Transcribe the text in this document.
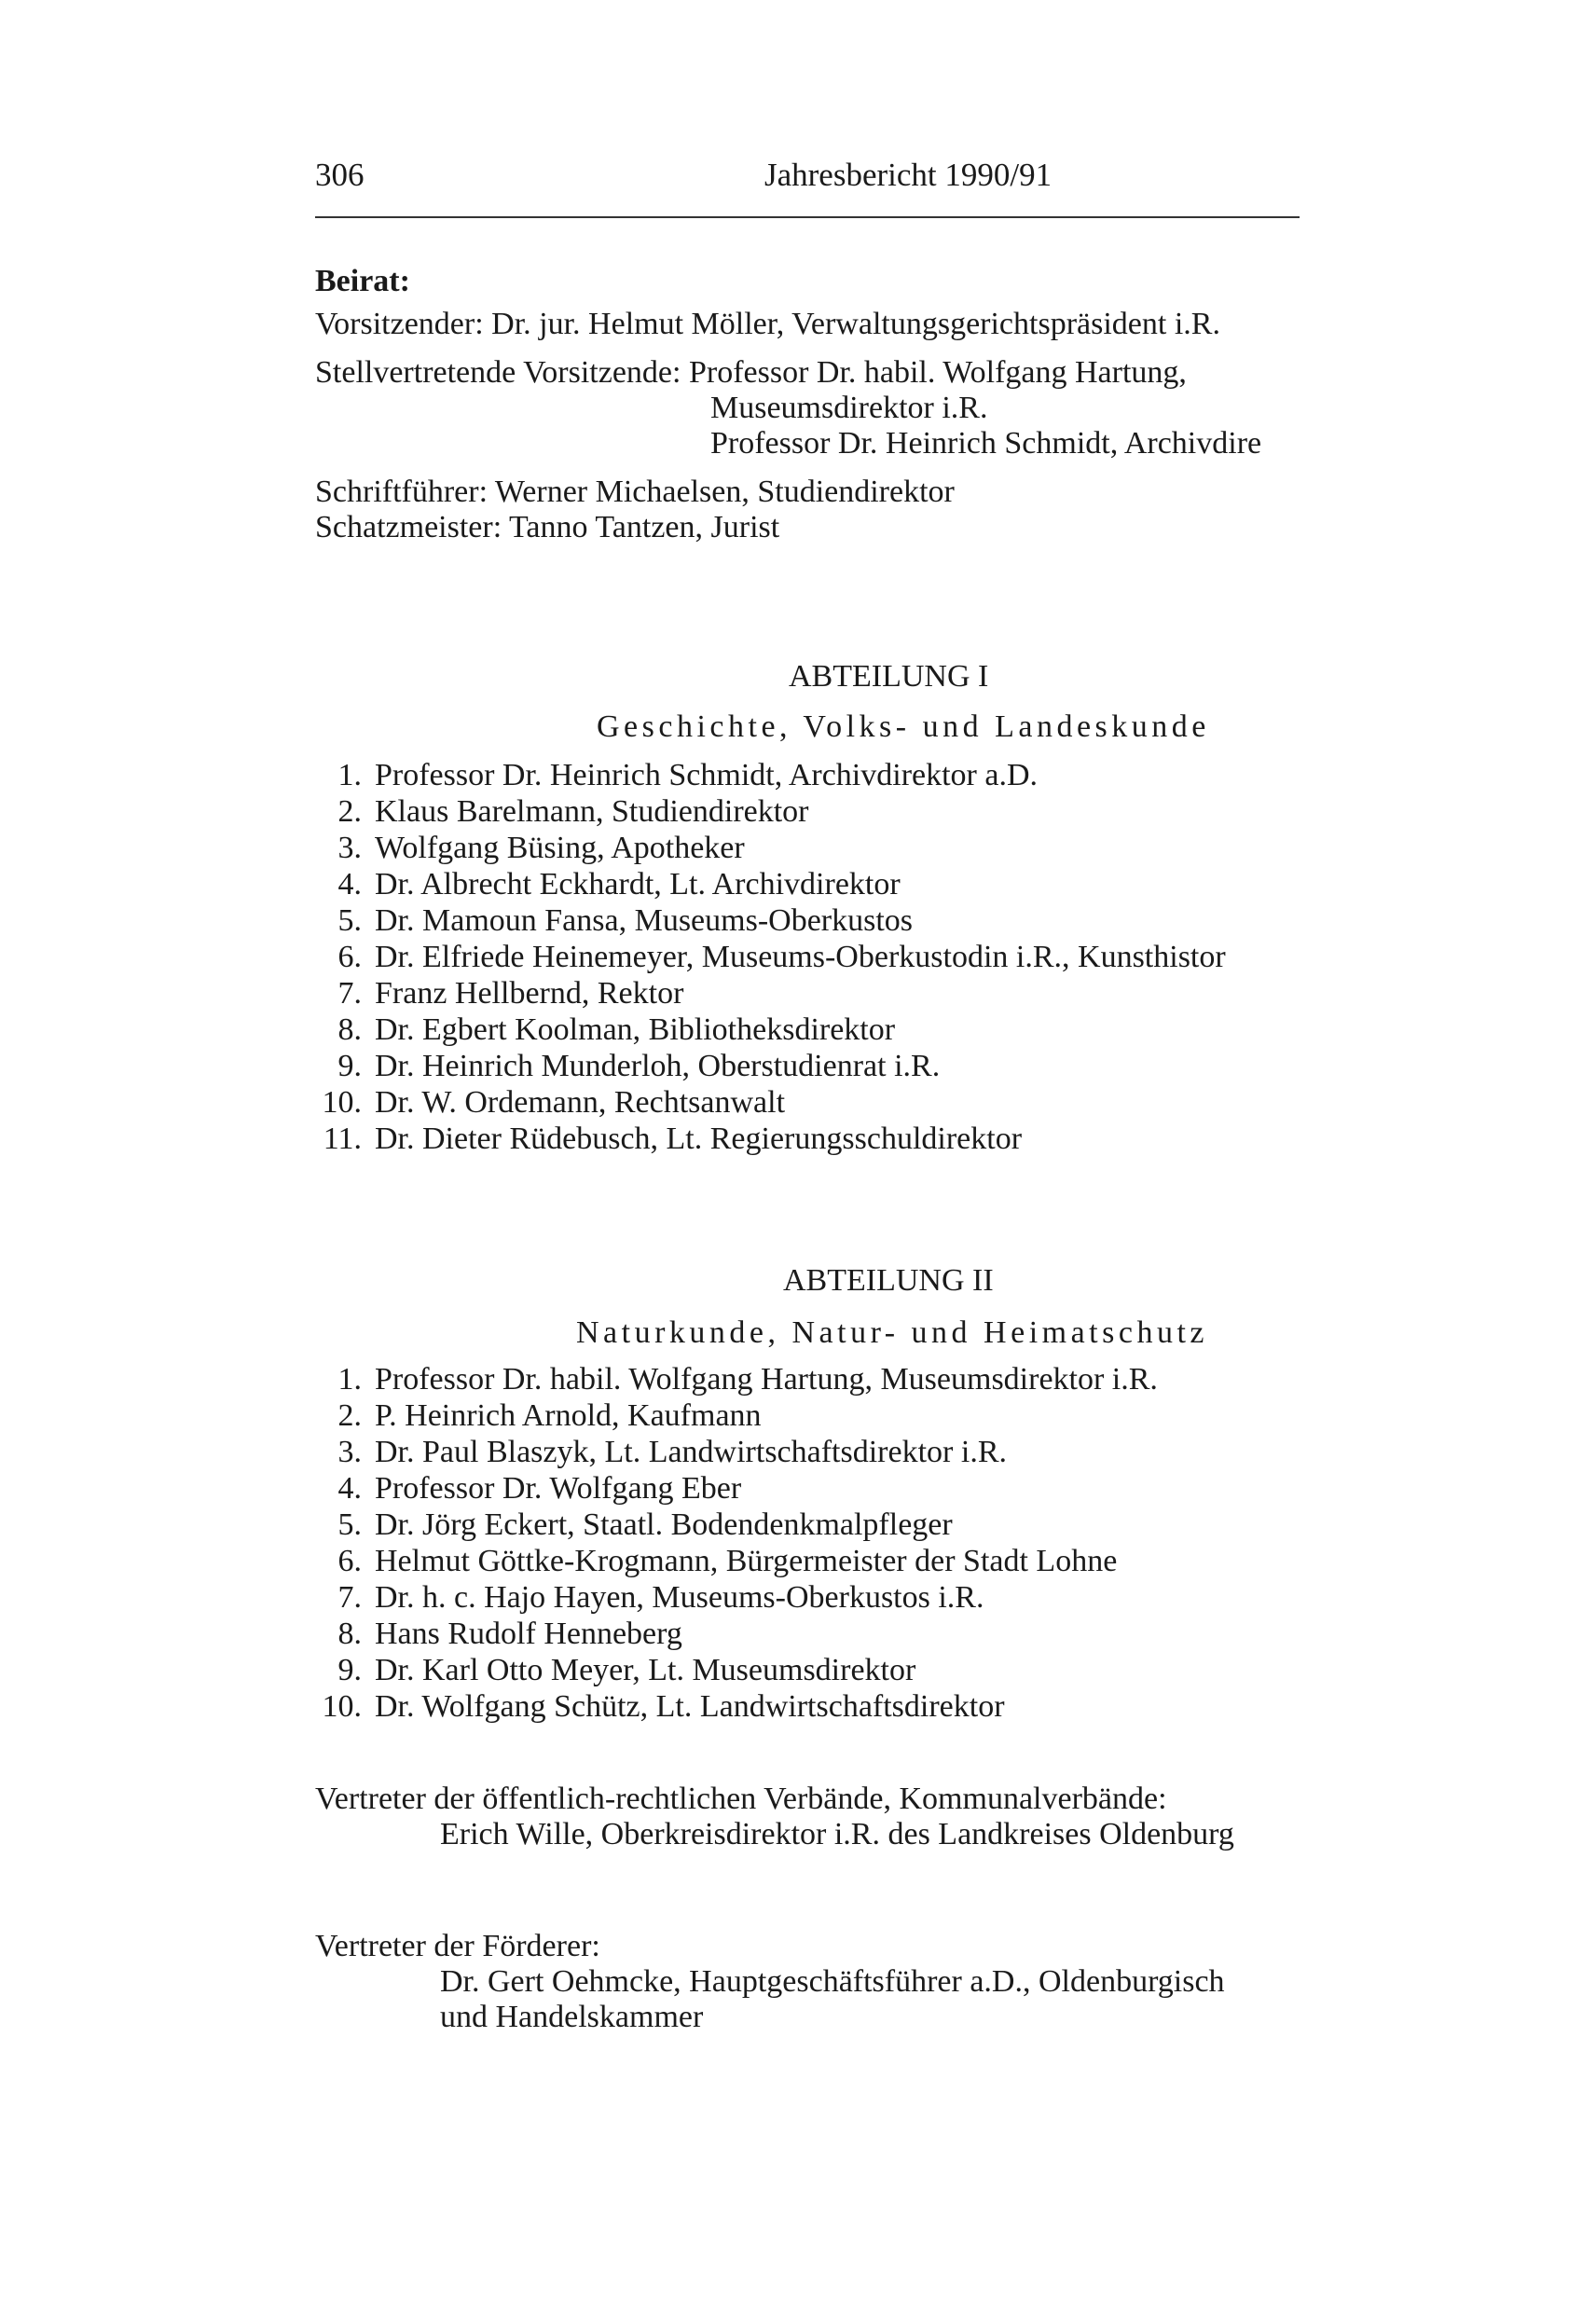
306	Jahresbericht 1990/91
Beirat:
Vorsitzender: Dr. jur. Helmut Möller, Verwaltungsgerichtspräsident i.R.
Stellvertretende Vorsitzende: Professor Dr. habil. Wolfgang Hartung,
Museumsdirektor i.R.
Professor Dr. Heinrich Schmidt, Archivdire
Schriftführer: Werner Michaelsen, Studiendirektor
Schatzmeister: Tanno Tantzen, Jurist
ABTEILUNG I
Geschichte, Volks- und Landeskunde
1. Professor Dr. Heinrich Schmidt, Archivdirektor a.D.
2. Klaus Barelmann, Studiendirektor
3. Wolfgang Büsing, Apotheker
4. Dr. Albrecht Eckhardt, Lt. Archivdirektor
5. Dr. Mamoun Fansa, Museums-Oberkustos
6. Dr. Elfriede Heinemeyer, Museums-Oberkustodin i.R., Kunsthistor
7. Franz Hellbernd, Rektor
8. Dr. Egbert Koolman, Bibliotheksdirektor
9. Dr. Heinrich Munderloh, Oberstudienrat i.R.
10. Dr. W. Ordemann, Rechtsanwalt
11. Dr. Dieter Rüdebusch, Lt. Regierungsschuldirektor
ABTEILUNG II
Naturkunde, Natur- und Heimatschutz
1. Professor Dr. habil. Wolfgang Hartung, Museumsdirektor i.R.
2. P. Heinrich Arnold, Kaufmann
3. Dr. Paul Blaszyk, Lt. Landwirtschaftsdirektor i.R.
4. Professor Dr. Wolfgang Eber
5. Dr. Jörg Eckert, Staatl. Bodendenkmalpfleger
6. Helmut Göttke-Krogmann, Bürgermeister der Stadt Lohne
7. Dr. h. c. Hajo Hayen, Museums-Oberkustos i.R.
8. Hans Rudolf Henneberg
9. Dr. Karl Otto Meyer, Lt. Museumsdirektor
10. Dr. Wolfgang Schütz, Lt. Landwirtschaftsdirektor
Vertreter der öffentlich-rechtlichen Verbände, Kommunalverbände:
Erich Wille, Oberkreisdirektor i.R. des Landkreises Oldenburg
Vertreter der Förderer:
Dr. Gert Oehmcke, Hauptgeschäftsführer a.D., Oldenburgisch
und Handelskammer
